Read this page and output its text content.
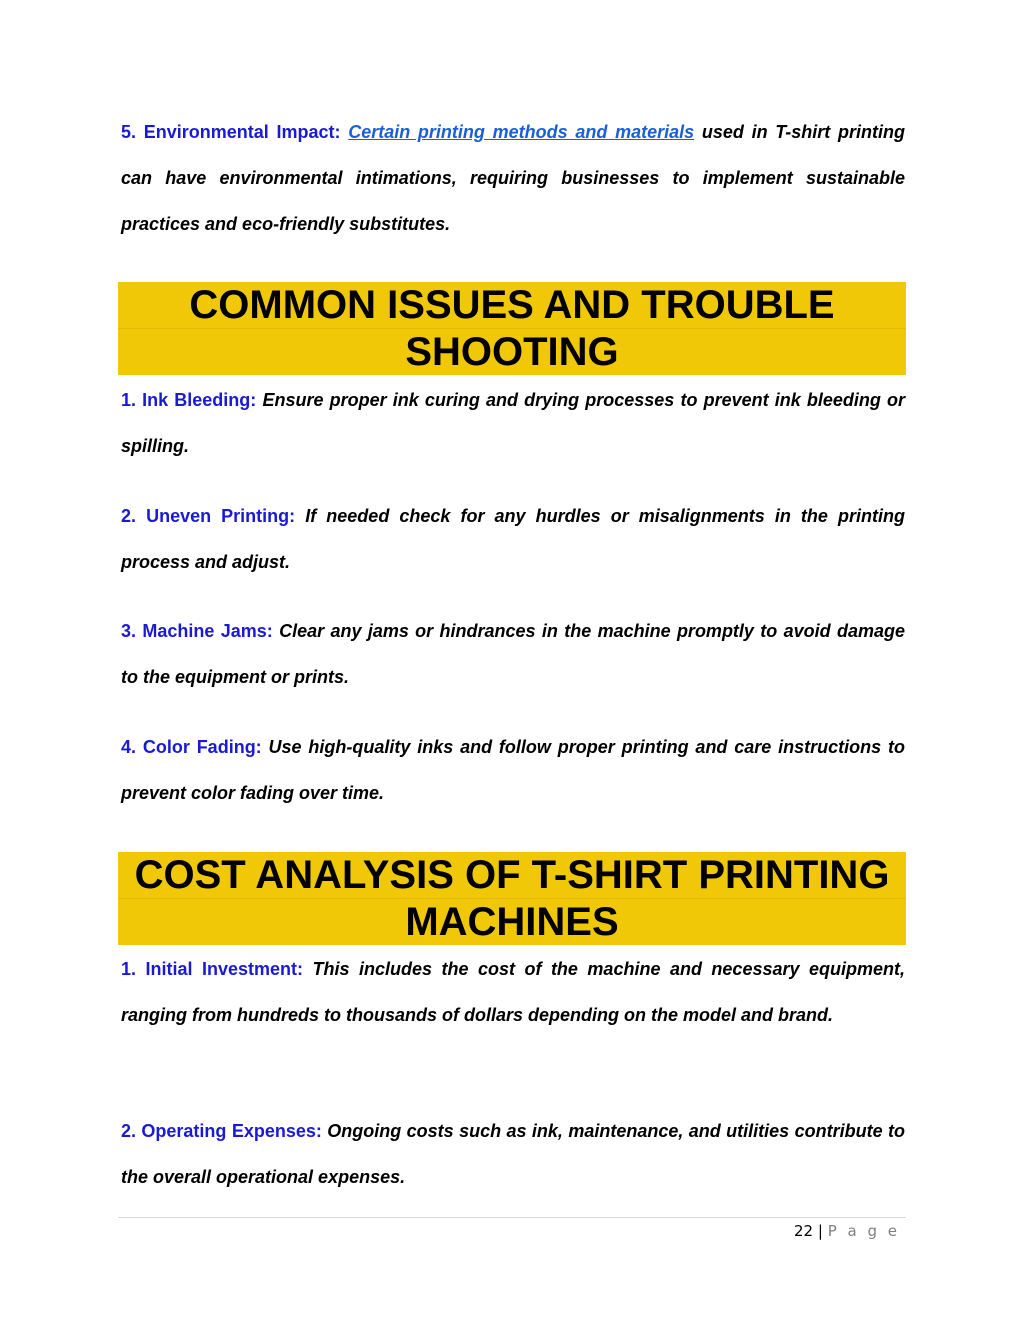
5. Environmental Impact: Certain printing methods and materials used in T-shirt printing can have environmental intimations, requiring businesses to implement sustainable practices and eco-friendly substitutes.
COMMON ISSUES AND TROUBLE
SHOOTING
1. Ink Bleeding: Ensure proper ink curing and drying processes to prevent ink bleeding or spilling.
2. Uneven Printing: If needed check for any hurdles or misalignments in the printing process and adjust.
3. Machine Jams: Clear any jams or hindrances in the machine promptly to avoid damage to the equipment or prints.
4. Color Fading: Use high-quality inks and follow proper printing and care instructions to prevent color fading over time.
COST ANALYSIS OF T-SHIRT PRINTING
MACHINES
1. Initial Investment: This includes the cost of the machine and necessary equipment, ranging from hundreds to thousands of dollars depending on the model and brand.
2. Operating Expenses: Ongoing costs such as ink, maintenance, and utilities contribute to the overall operational expenses.
22 | P a g e
